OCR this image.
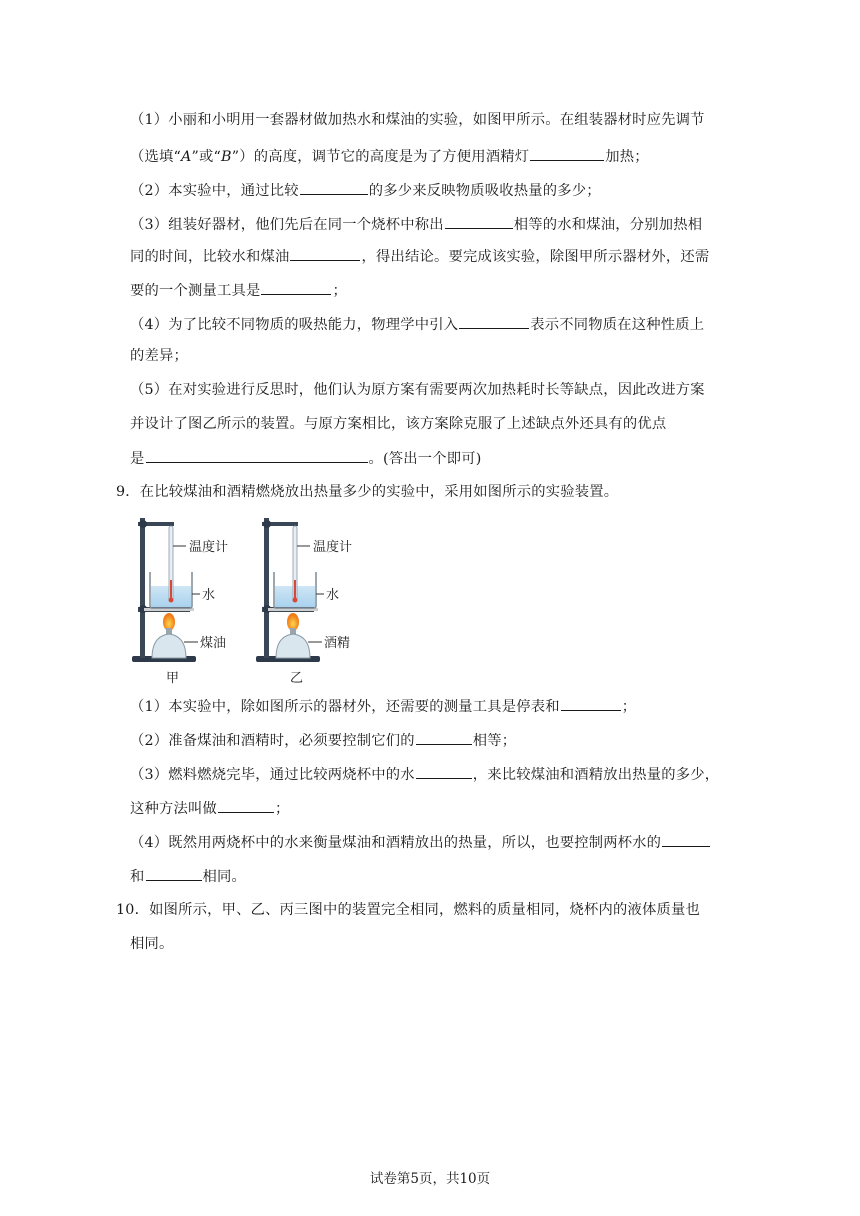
（1）小丽和小明用一套器材做加热水和煤油的实验，如图甲所示。在组装器材时应先调节
（选填“A”或“B”）的高度，调节它的高度是为了方便用酒精灯	加热；
（2）本实验中，通过比较	的多少来反映物质吸收热量的多少；
（3）组装好器材，他们先后在同一个烧杯中称出	相等的水和煤油，分别加热相
同的时间，比较水和煤油	，得出结论。要完成该实验，除图甲所示器材外，还需
要的一个测量工具是	；
（4）为了比较不同物质的吸热能力，物理学中引入	表示不同物质在这种性质上
的差异；
（5）在对实验进行反思时，他们认为原方案有需要两次加热耗时长等缺点，因此改进方案
并设计了图乙所示的装置。与原方案相比，该方案除克服了上述缺点外还具有的优点
是	。(答出一个即可)
9．在比较煤油和酒精燃烧放出热量多少的实验中，采用如图所示的实验装置。
（1）本实验中，除如图所示的器材外，还需要的测量工具是停表和	；
（2）准备煤油和酒精时，必须要控制它们的	相等；
（3）燃料燃烧完毕，通过比较两烧杯中的水	，来比较煤油和酒精放出热量的多少，
这种方法叫做	；
（4）既然用两烧杯中的水来衡量煤油和酒精放出的热量，所以，也要控制两杯水的
和	相同。
10．如图所示，甲、乙、丙三图中的装置完全相同，燃料的质量相同，烧杯内的液体质量也
相同。
温度计
水
煤油
甲
温度计
水
酒精
乙
试卷第5页，共10页
